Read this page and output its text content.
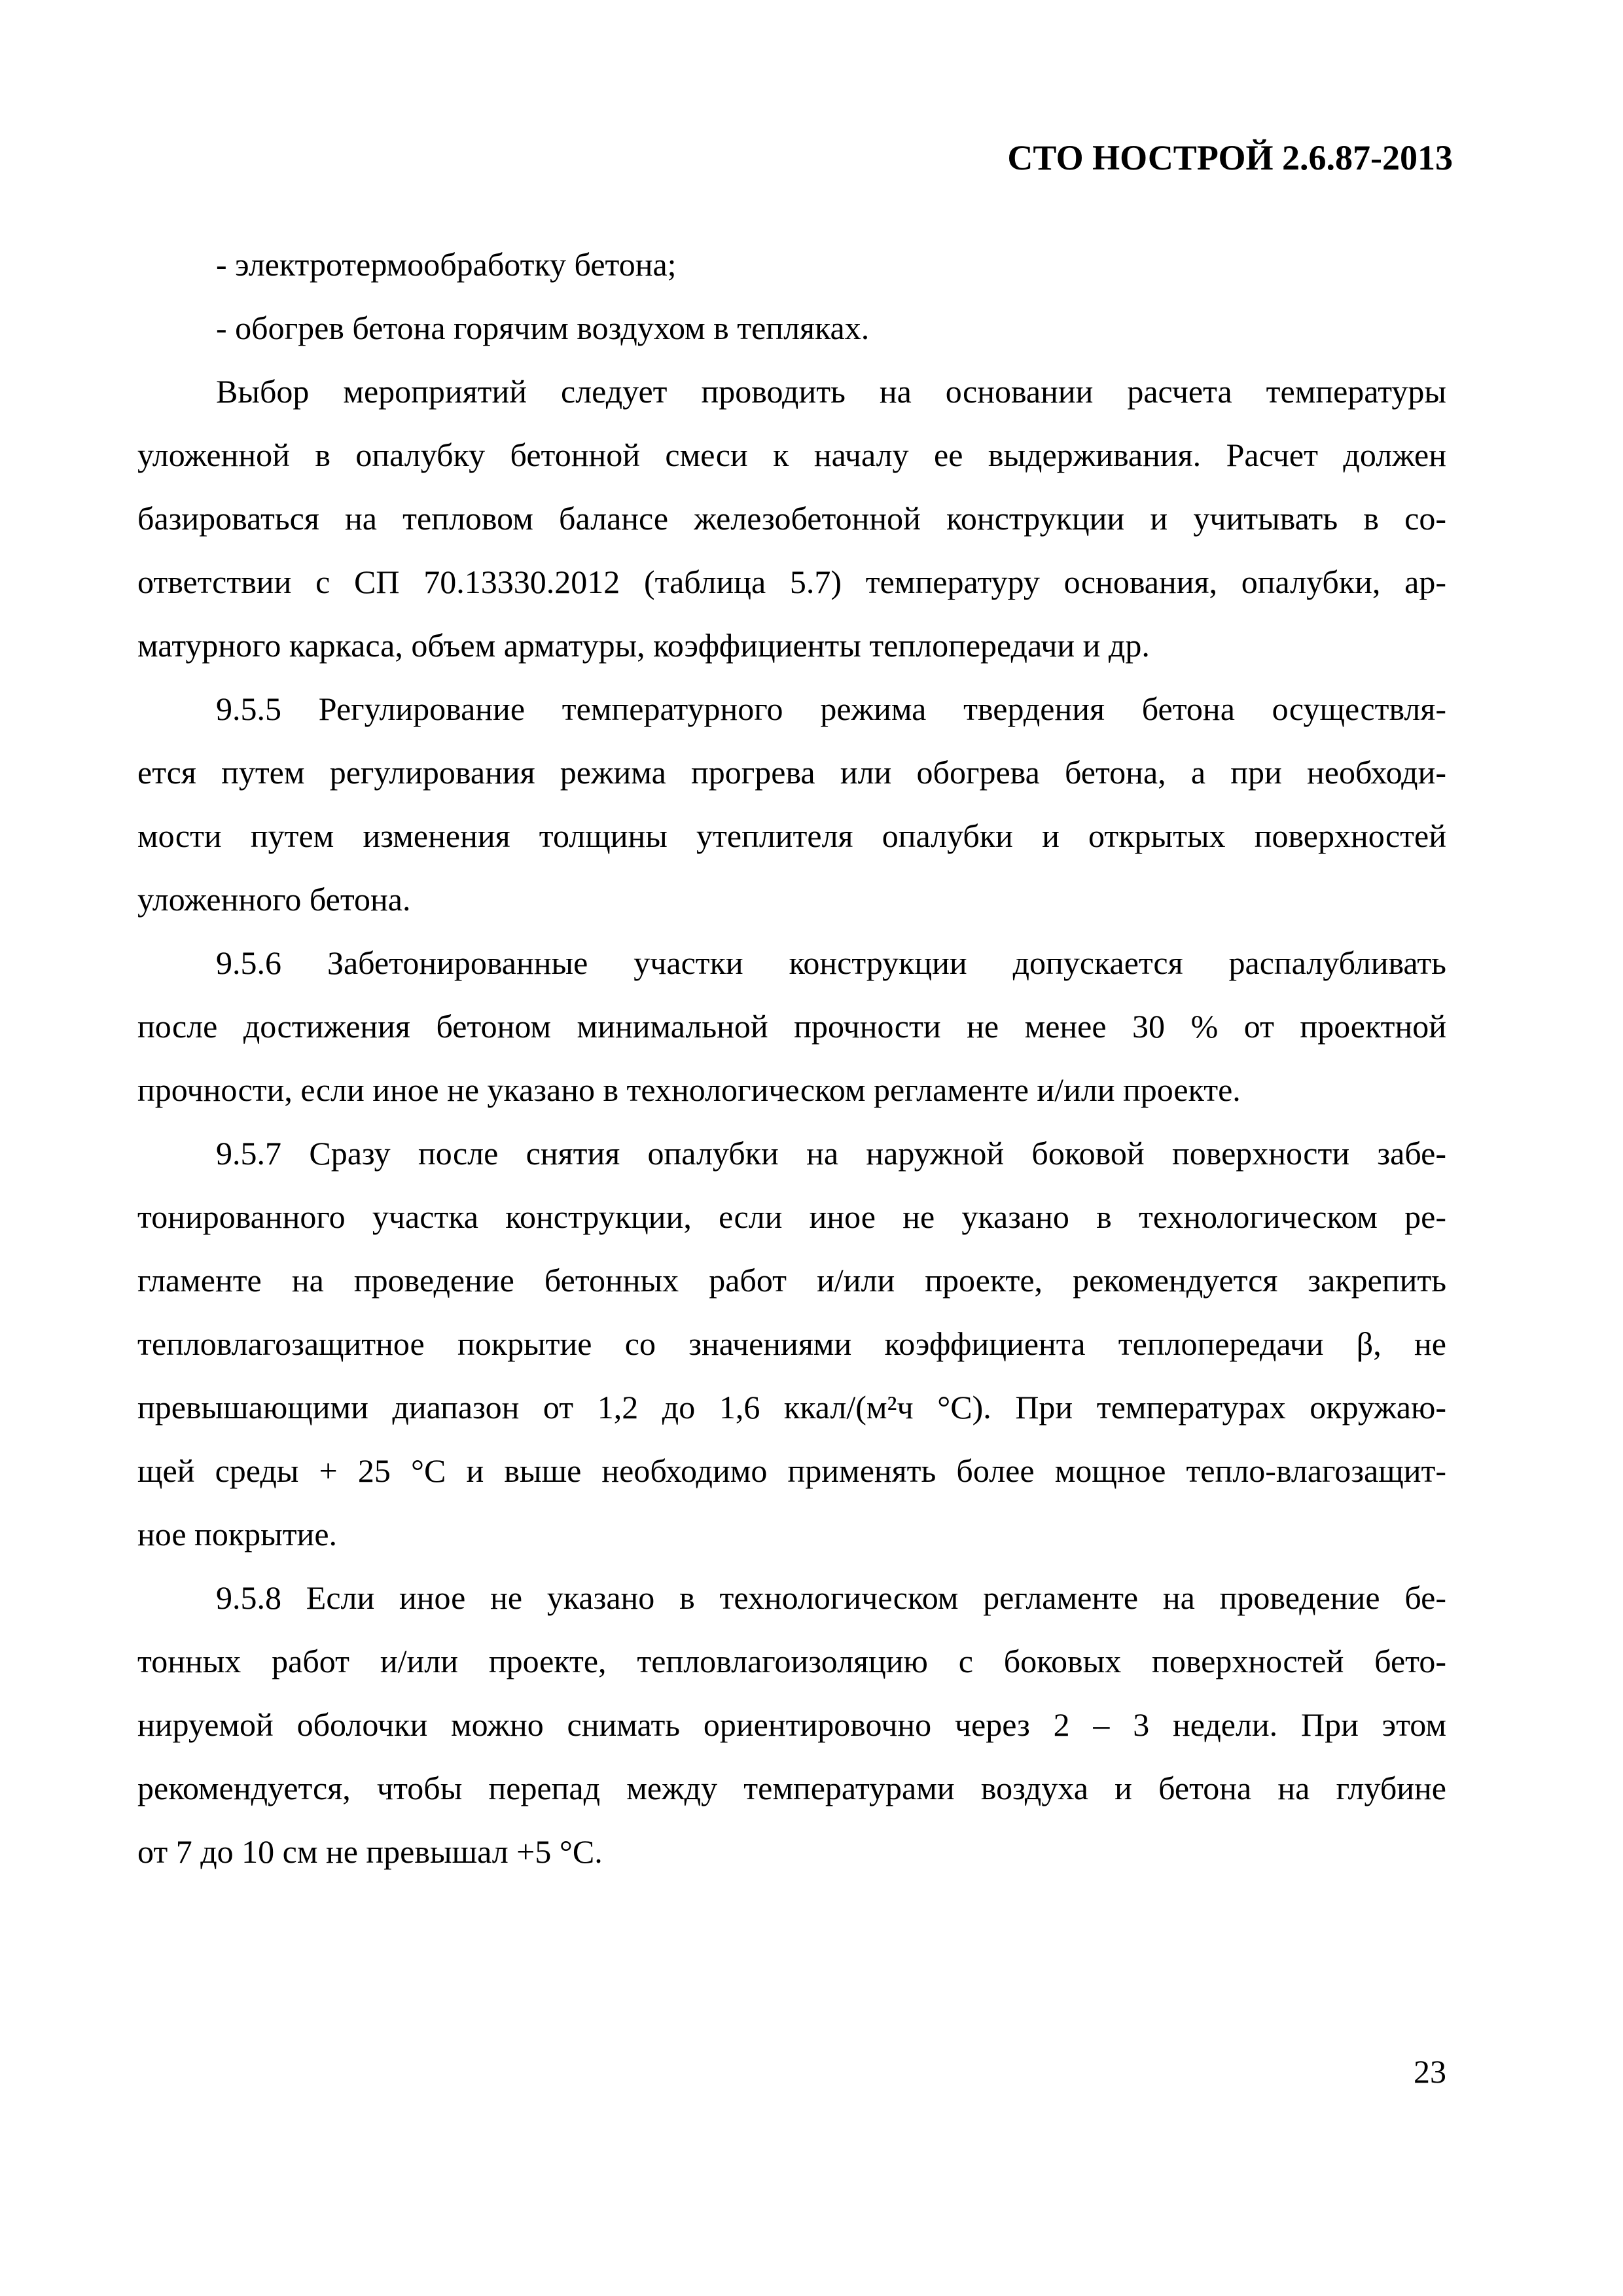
СТО НОСТРОЙ 2.6.87-2013
- электротермообработку бетона;
- обогрев бетона горячим воздухом в тепляках.
Выбор мероприятий следует проводить на основании расчета температуры
уложенной в опалубку бетонной смеси к началу ее выдерживания. Расчет должен
базироваться на тепловом балансе железобетонной конструкции и учитывать в со-
ответствии с СП 70.13330.2012 (таблица 5.7) температуру основания, опалубки, ар-
матурного каркаса, объем арматуры, коэффициенты теплопередачи и др.
9.5.5 Регулирование температурного режима твердения бетона осуществля-
ется путем регулирования режима прогрева или обогрева бетона, а при необходи-
мости путем изменения толщины утеплителя опалубки и открытых поверхностей
уложенного бетона.
9.5.6 Забетонированные участки конструкции допускается распалубливать
после достижения бетоном минимальной прочности не менее 30 % от проектной
прочности, если иное не указано в технологическом регламенте и/или проекте.
9.5.7 Сразу после снятия опалубки на наружной боковой поверхности забе-
тонированного участка конструкции, если иное не указано в технологическом ре-
гламенте на проведение бетонных работ и/или проекте, рекомендуется закрепить
тепловлагозащитное покрытие со значениями коэффициента теплопередачи β, не
превышающими диапазон от 1,2 до 1,6 ккал/(м²ч °С). При температурах окружаю-
щей среды + 25 °С и выше необходимо применять более мощное тепло-влагозащит-
ное покрытие.
9.5.8 Если иное не указано в технологическом регламенте на проведение бе-
тонных работ и/или проекте, тепловлагоизоляцию с боковых поверхностей бето-
нируемой оболочки можно снимать ориентировочно через 2 – 3 недели. При этом
рекомендуется, чтобы перепад между температурами воздуха и бетона на глубине
от 7 до 10 см не превышал +5 °С.
23
